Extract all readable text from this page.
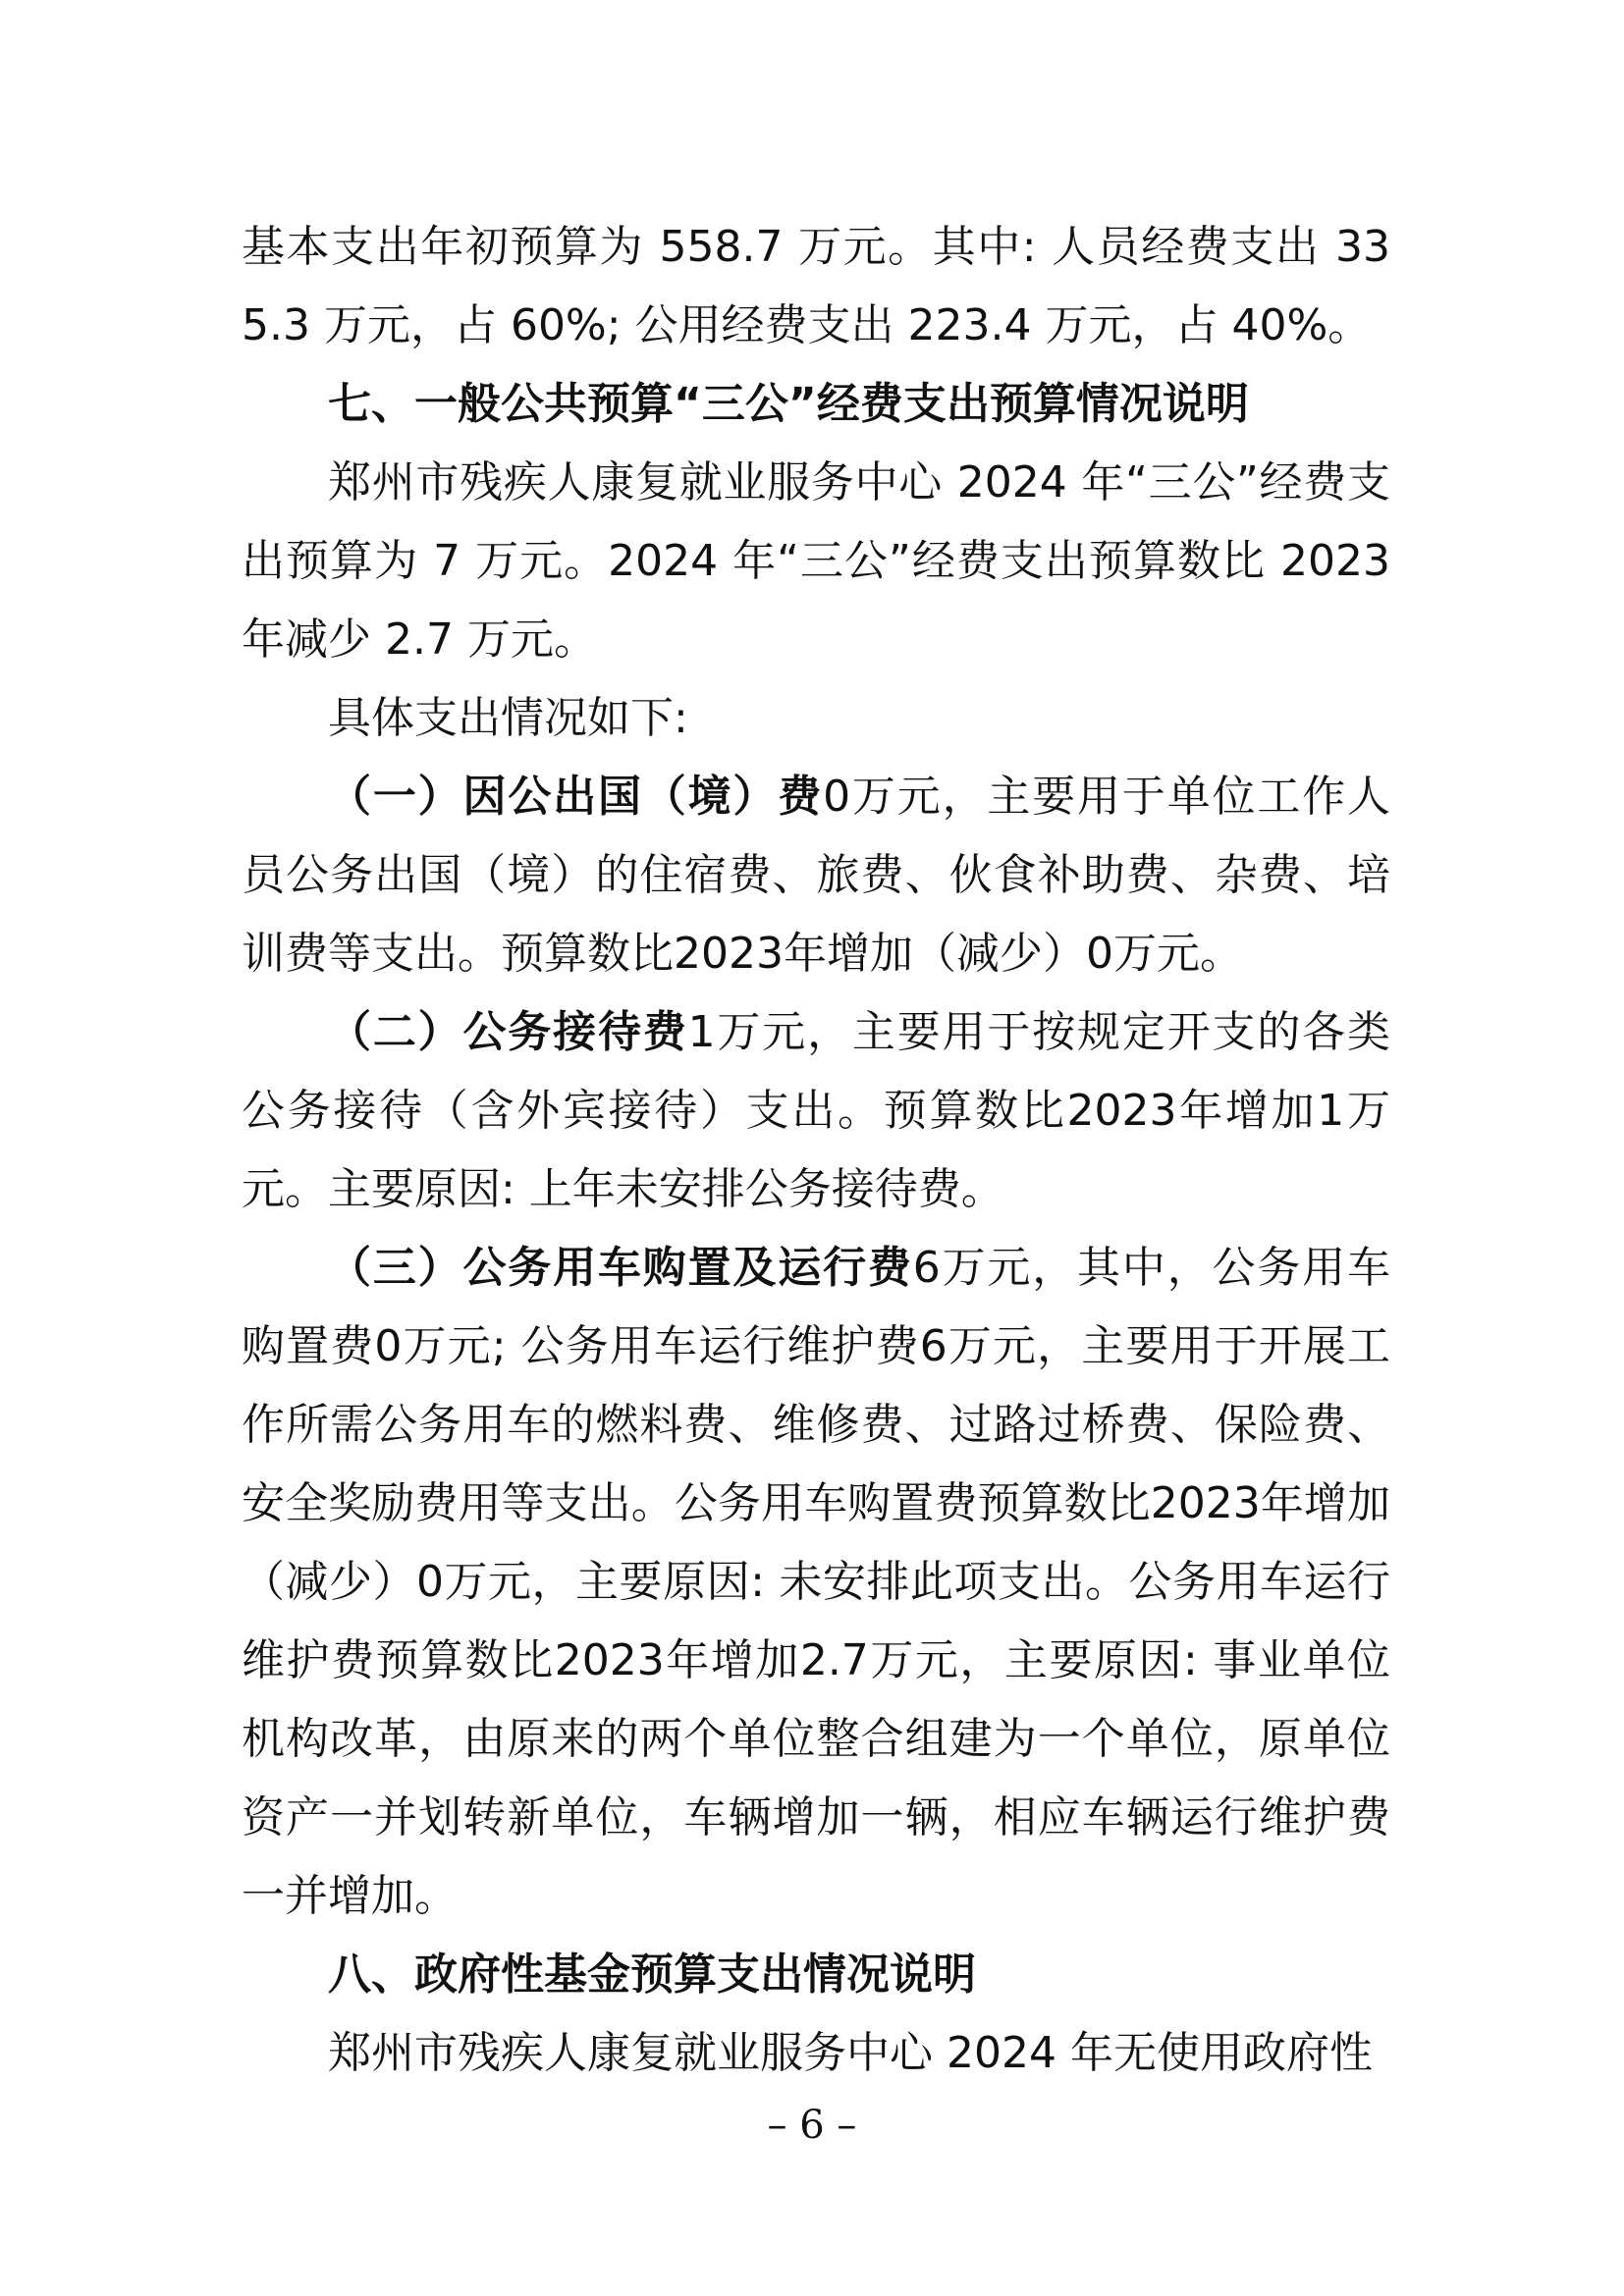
基本支出年初预算为 558.7 万元。其中: 人员经费支出 335.3 万元，占 60%; 公用经费支出 223.4 万元，占 40%。

七、一般公共预算“三公”经费支出预算情况说明

郑州市残疾人康复就业服务中心 2024 年“三公”经费支出预算为 7 万元。2024 年“三公”经费支出预算数比 2023 年减少 2.7 万元。

具体支出情况如下:

（一）因公出国（境）费0万元，主要用于单位工作人员公务出国（境）的住宿费、旅费、伙食补助费、杂费、培训费等支出。预算数比2023年增加（减少）0万元。

（二）公务接待费1万元，主要用于按规定开支的各类公务接待（含外宾接待）支出。预算数比2023年增加1万元。主要原因: 上年未安排公务接待费。

（三）公务用车购置及运行费6万元，其中，公务用车购置费0万元; 公务用车运行维护费6万元，主要用于开展工作所需公务用车的燃料费、维修费、过路过桥费、保险费、安全奖励费用等支出。公务用车购置费预算数比2023年增加（减少）0万元，主要原因: 未安排此项支出。公务用车运行维护费预算数比2023年增加2.7万元，主要原因: 事业单位机构改革，由原来的两个单位整合组建为一个单位，原单位资产一并划转新单位，车辆增加一辆，相应车辆运行维护费一并增加。

八、政府性基金预算支出情况说明

郑州市残疾人康复就业服务中心 2024 年无使用政府性

– 6 –
